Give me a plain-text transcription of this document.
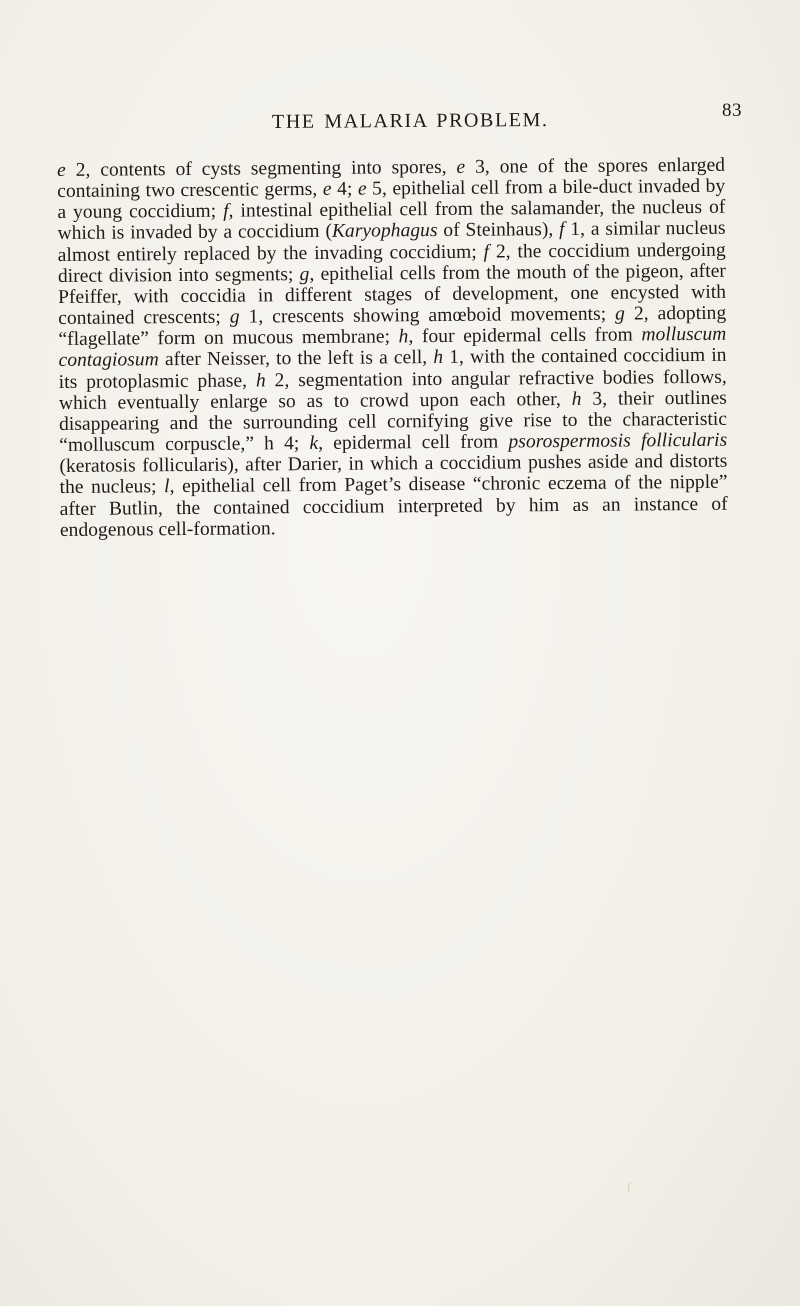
THE MALARIA PROBLEM.	83

e 2, contents of cysts segmenting into spores, e 3, one of the spores enlarged containing two crescentic germs, e 4; e 5, epithelial cell from a bile-duct invaded by a young coccidium; f, intestinal epithelial cell from the salamander, the nucleus of which is invaded by a coccidium (Karyophagus of Steinhaus), f 1, a similar nucleus almost entirely replaced by the invading coccidium; f 2, the coccidium undergoing direct division into segments; g, epithelial cells from the mouth of the pigeon, after Pfeiffer, with coccidia in different stages of development, one encysted with contained crescents; g 1, crescents showing amœboid movements; g 2, adopting “flagellate” form on mucous membrane; h, four epidermal cells from molluscum contagiosum after Neisser, to the left is a cell, h 1, with the contained coccidium in its protoplasmic phase, h 2, segmentation into angular refractive bodies follows, which eventually enlarge so as to crowd upon each other, h 3, their outlines disappearing and the surrounding cell cornifying give rise to the characteristic “molluscum corpuscle,” h 4; k, epidermal cell from psorospermosis follicularis (keratosis follicularis), after Darier, in which a coccidium pushes aside and distorts the nucleus; l, epithelial cell from Paget’s disease “chronic eczema of the nipple” after Butlin, the contained coccidium interpreted by him as an instance of endogenous cell-formation.

ʃ
